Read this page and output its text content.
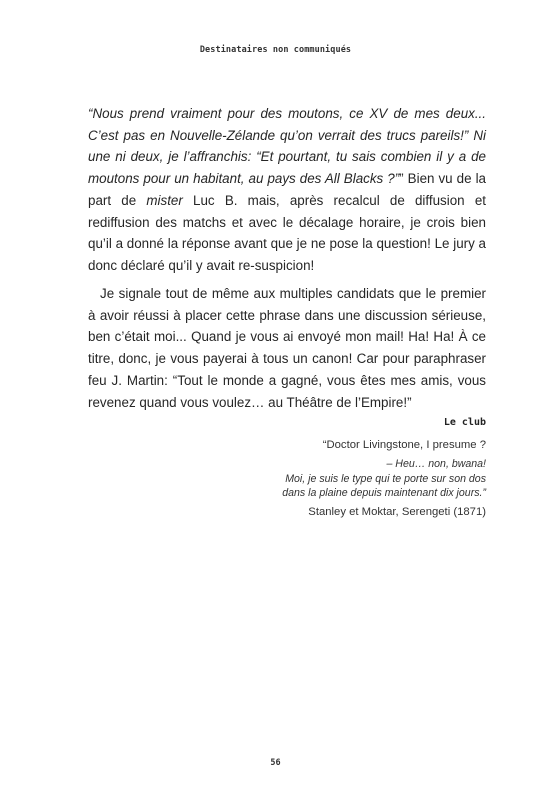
Destinataires non communiqués

“Nous prend vraiment pour des moutons, ce XV de mes deux... C’est pas en Nouvelle-Zélande qu’on verrait des trucs pareils!” Ni une ni deux, je l’affranchis: “Et pourtant, tu sais combien il y a de moutons pour un habitant, au pays des All Blacks ?”” Bien vu de la part de mister Luc B. mais, après recalcul de diffusion et rediffusion des matchs et avec le décalage horaire, je crois bien qu’il a donné la réponse avant que je ne pose la question! Le jury a donc déclaré qu’il y avait re-suspicion!

Je signale tout de même aux multiples candidats que le premier à avoir réussi à placer cette phrase dans une discussion sérieuse, ben c’était moi... Quand je vous ai envoyé mon mail! Ha! Ha! À ce titre, donc, je vous payerai à tous un canon! Car pour paraphraser feu J. Martin: “Tout le monde a gagné, vous êtes mes amis, vous revenez quand vous voulez… au Théâtre de l’Empire!”

Le club

“Doctor Livingstone, I presume ?

– Heu… non, bwana!

Moi, je suis le type qui te porte sur son dos

dans la plaine depuis maintenant dix jours.”

Stanley et Moktar, Serengeti (1871)

56
